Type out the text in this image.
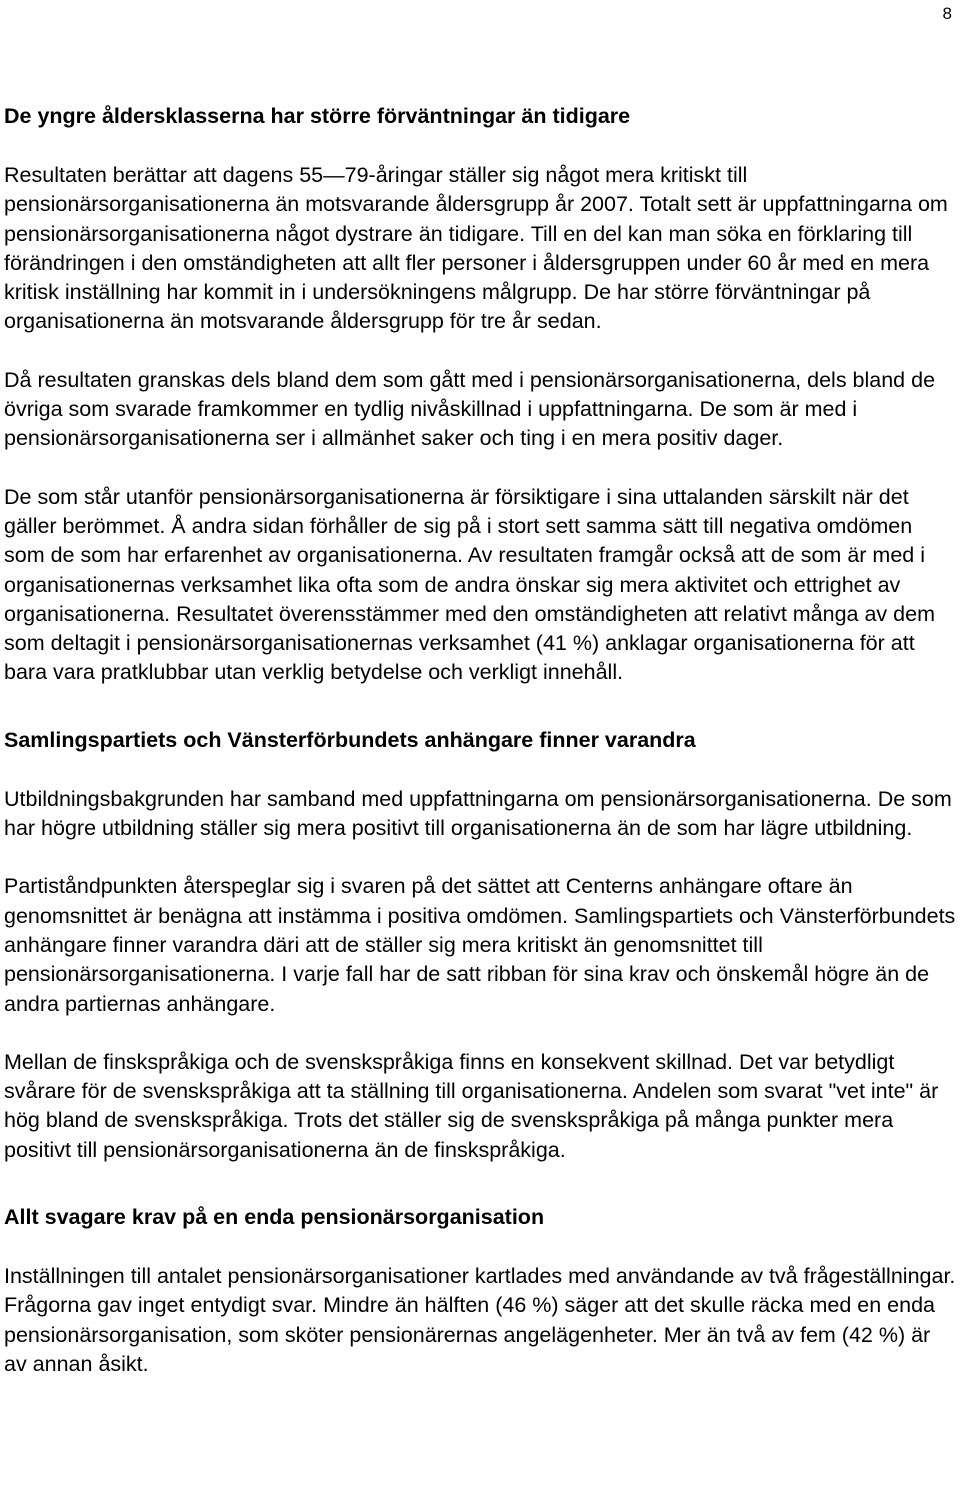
8
De yngre åldersklasserna har större förväntningar än tidigare

Resultaten berättar att dagens 55—79-åringar ställer sig något mera kritiskt till pensionärsorganisationerna än motsvarande åldersgrupp år 2007. Totalt sett är uppfattningarna om pensionärsorganisationerna något dystrare än tidigare. Till en del kan man söka en förklaring till förändringen i den omständigheten att allt fler personer i åldersgruppen under 60 år med en mera kritisk inställning har kommit in i undersökningens målgrupp. De har större förväntningar på organisationerna än motsvarande åldersgrupp för tre år sedan.

Då resultaten granskas dels bland dem som gått med i pensionärsorganisationerna, dels bland de övriga som svarade framkommer en tydlig nivåskillnad i uppfattningarna. De som är med i pensionärsorganisationerna ser i allmänhet saker och ting i en mera positiv dager.

De som står utanför pensionärsorganisationerna är försiktigare i sina uttalanden särskilt när det gäller berömmet. Å andra sidan förhåller de sig på i stort sett samma sätt till negativa omdömen som de som har erfarenhet av organisationerna. Av resultaten framgår också att de som är med i organisationernas verksamhet lika ofta som de andra önskar sig mera aktivitet och ettrighet av organisationerna. Resultatet överensstämmer med den omständigheten att relativt många av dem som deltagit i pensionärsorganisationernas verksamhet (41 %) anklagar organisationerna för att bara vara pratklubbar utan verklig betydelse och verkligt innehåll.

Samlingspartiets och Vänsterförbundets anhängare finner varandra

Utbildningsbakgrunden har samband med uppfattningarna om pensionärsorganisationerna. De som har högre utbildning ställer sig mera positivt till organisationerna än de som har lägre utbildning.

Partiståndpunkten återspeglar sig i svaren på det sättet att Centerns anhängare oftare än genomsnittet är benägna att instämma i positiva omdömen. Samlingspartiets och Vänsterförbundets anhängare finner varandra däri att de ställer sig mera kritiskt än genomsnittet till pensionärsorganisationerna. I varje fall har de satt ribban för sina krav och önskemål högre än de andra partiernas anhängare.

Mellan de finskspråkiga och de svenskspråkiga finns en konsekvent skillnad. Det var betydligt svårare för de svenskspråkiga att ta ställning till organisationerna. Andelen som svarat "vet inte" är hög bland de svenskspråkiga. Trots det ställer sig de svenskspråkiga på många punkter mera positivt till pensionärsorganisationerna än de finskspråkiga.

Allt svagare krav på en enda pensionärsorganisation

Inställningen till antalet pensionärsorganisationer kartlades med användande av två frågeställningar. Frågorna gav inget entydigt svar. Mindre än hälften (46 %) säger att det skulle räcka med en enda pensionärsorganisation, som sköter pensionärernas angelägenheter. Mer än två av fem (42 %) är av annan åsikt.
